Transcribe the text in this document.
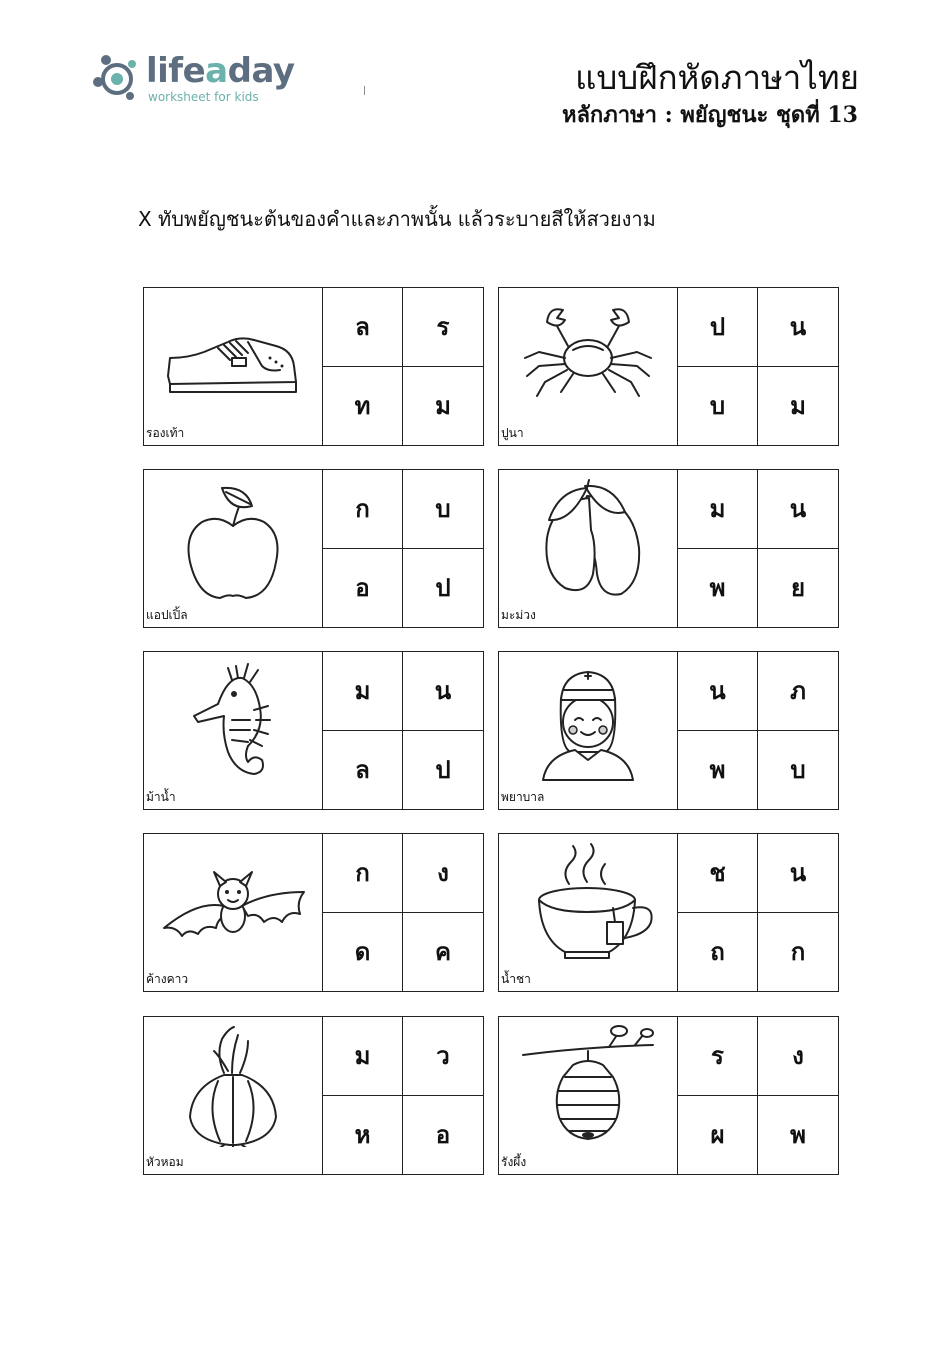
lifeaday
worksheet for kids	แบบฝึกหัดภาษาไทย
หลักภาษา : พยัญชนะ ชุดที่ 13
X ทับพยัญชนะต้นของคำและภาพนั้น แล้วระบายสีให้สวยงาม
รองเท้า
ล	ร
ท	ม
ปูนา
ป	น
บ	ม
แอปเปิ้ล
ก	บ
อ	ป
มะม่วง
ม	น
พ	ย
ม้าน้ำ
ม	น
ล	ป
พยาบาล
น	ภ
พ	บ
ค้างคาว
ก	ง
ด	ค
น้ำชา
ช	น
ถ	ก
หัวหอม
ม	ว
ห	อ
รังผึ้ง
ร	ง
ผ	พ
